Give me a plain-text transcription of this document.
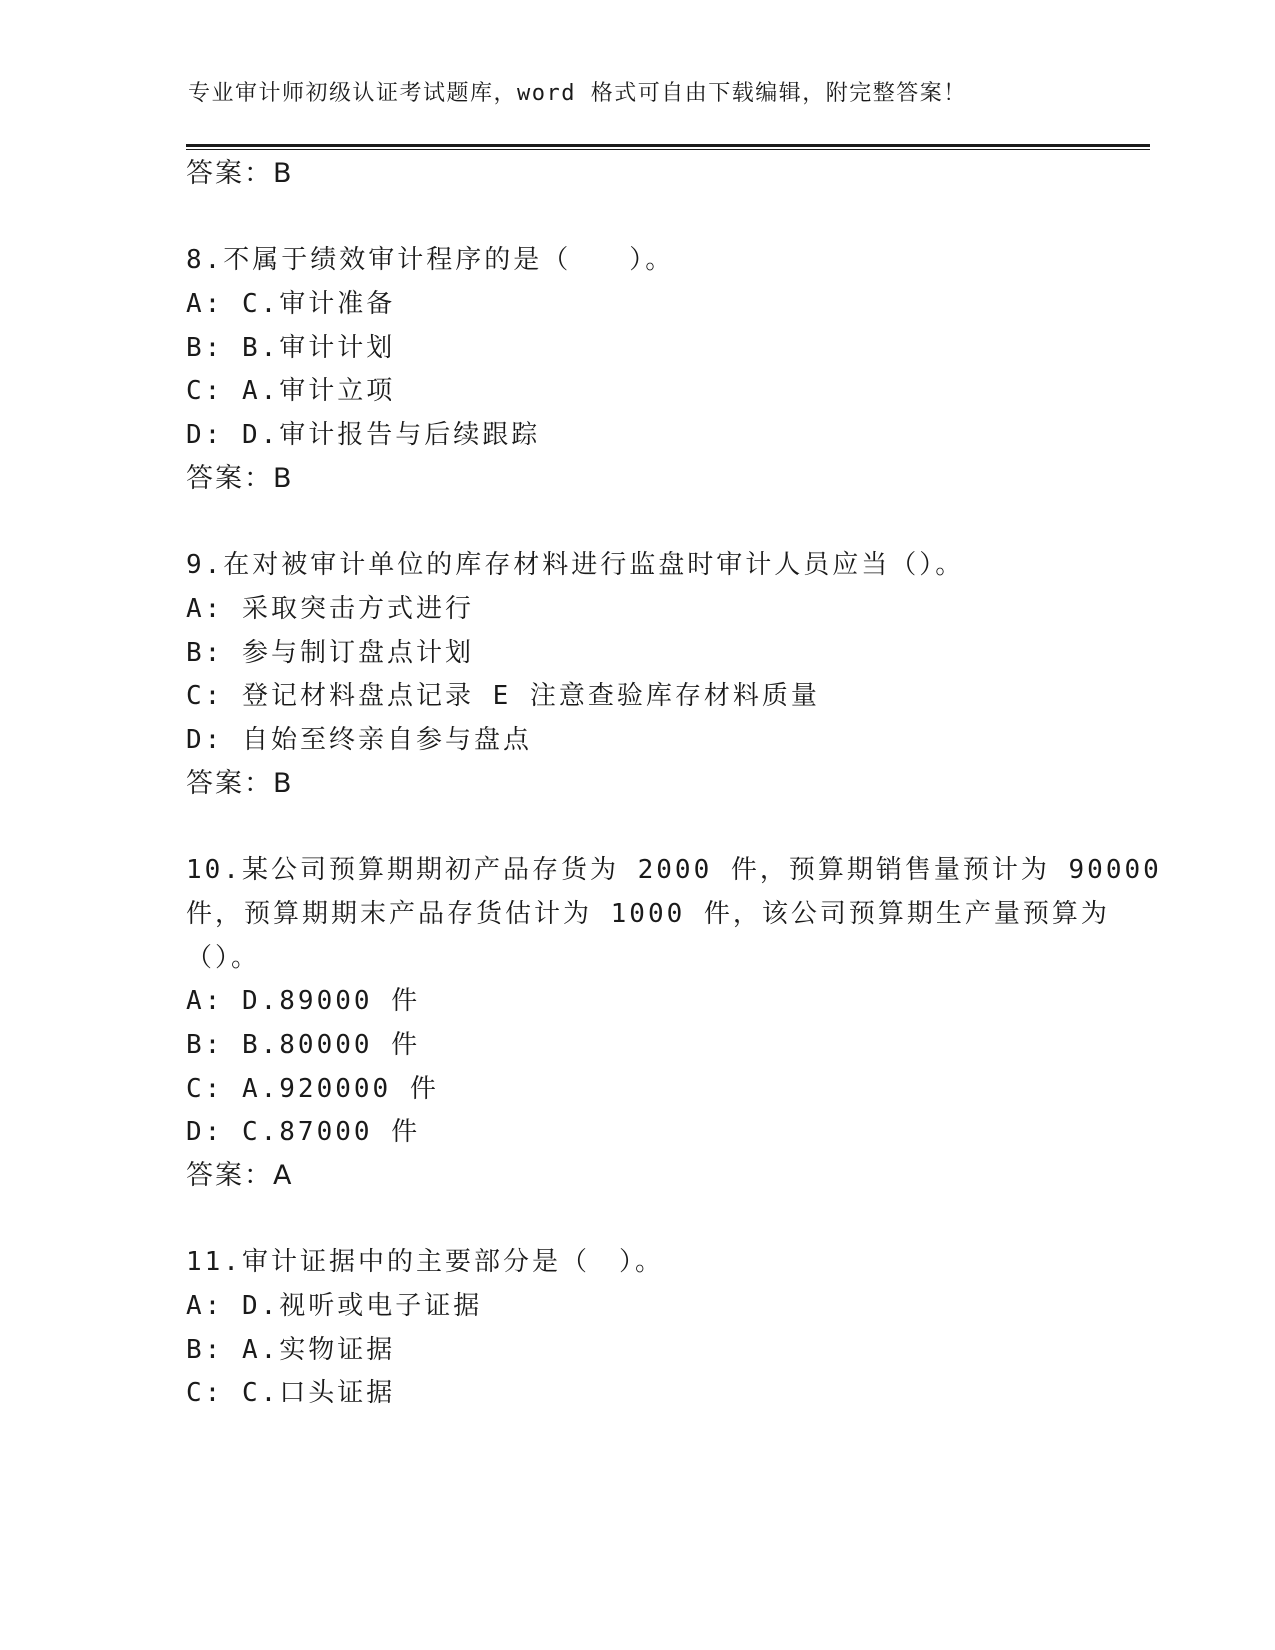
专业审计师初级认证考试题库，word 格式可自由下载编辑，附完整答案！
答案：B
8.不属于绩效审计程序的是（　　）。
A: C.审计准备
B: B.审计计划
C: A.审计立项
D: D.审计报告与后续跟踪
答案：B
9.在对被审计单位的库存材料进行监盘时审计人员应当（）。
A: 采取突击方式进行
B: 参与制订盘点计划
C: 登记材料盘点记录 E 注意查验库存材料质量
D: 自始至终亲自参与盘点
答案：B
10.某公司预算期期初产品存货为 2000 件，预算期销售量预计为 90000
件，预算期期末产品存货估计为 1000 件，该公司预算期生产量预算为
（）。
A: D.89000 件
B: B.80000 件
C: A.920000 件
D: C.87000 件
答案：A
11.审计证据中的主要部分是（　）。
A: D.视听或电子证据
B: A.实物证据
C: C.口头证据
